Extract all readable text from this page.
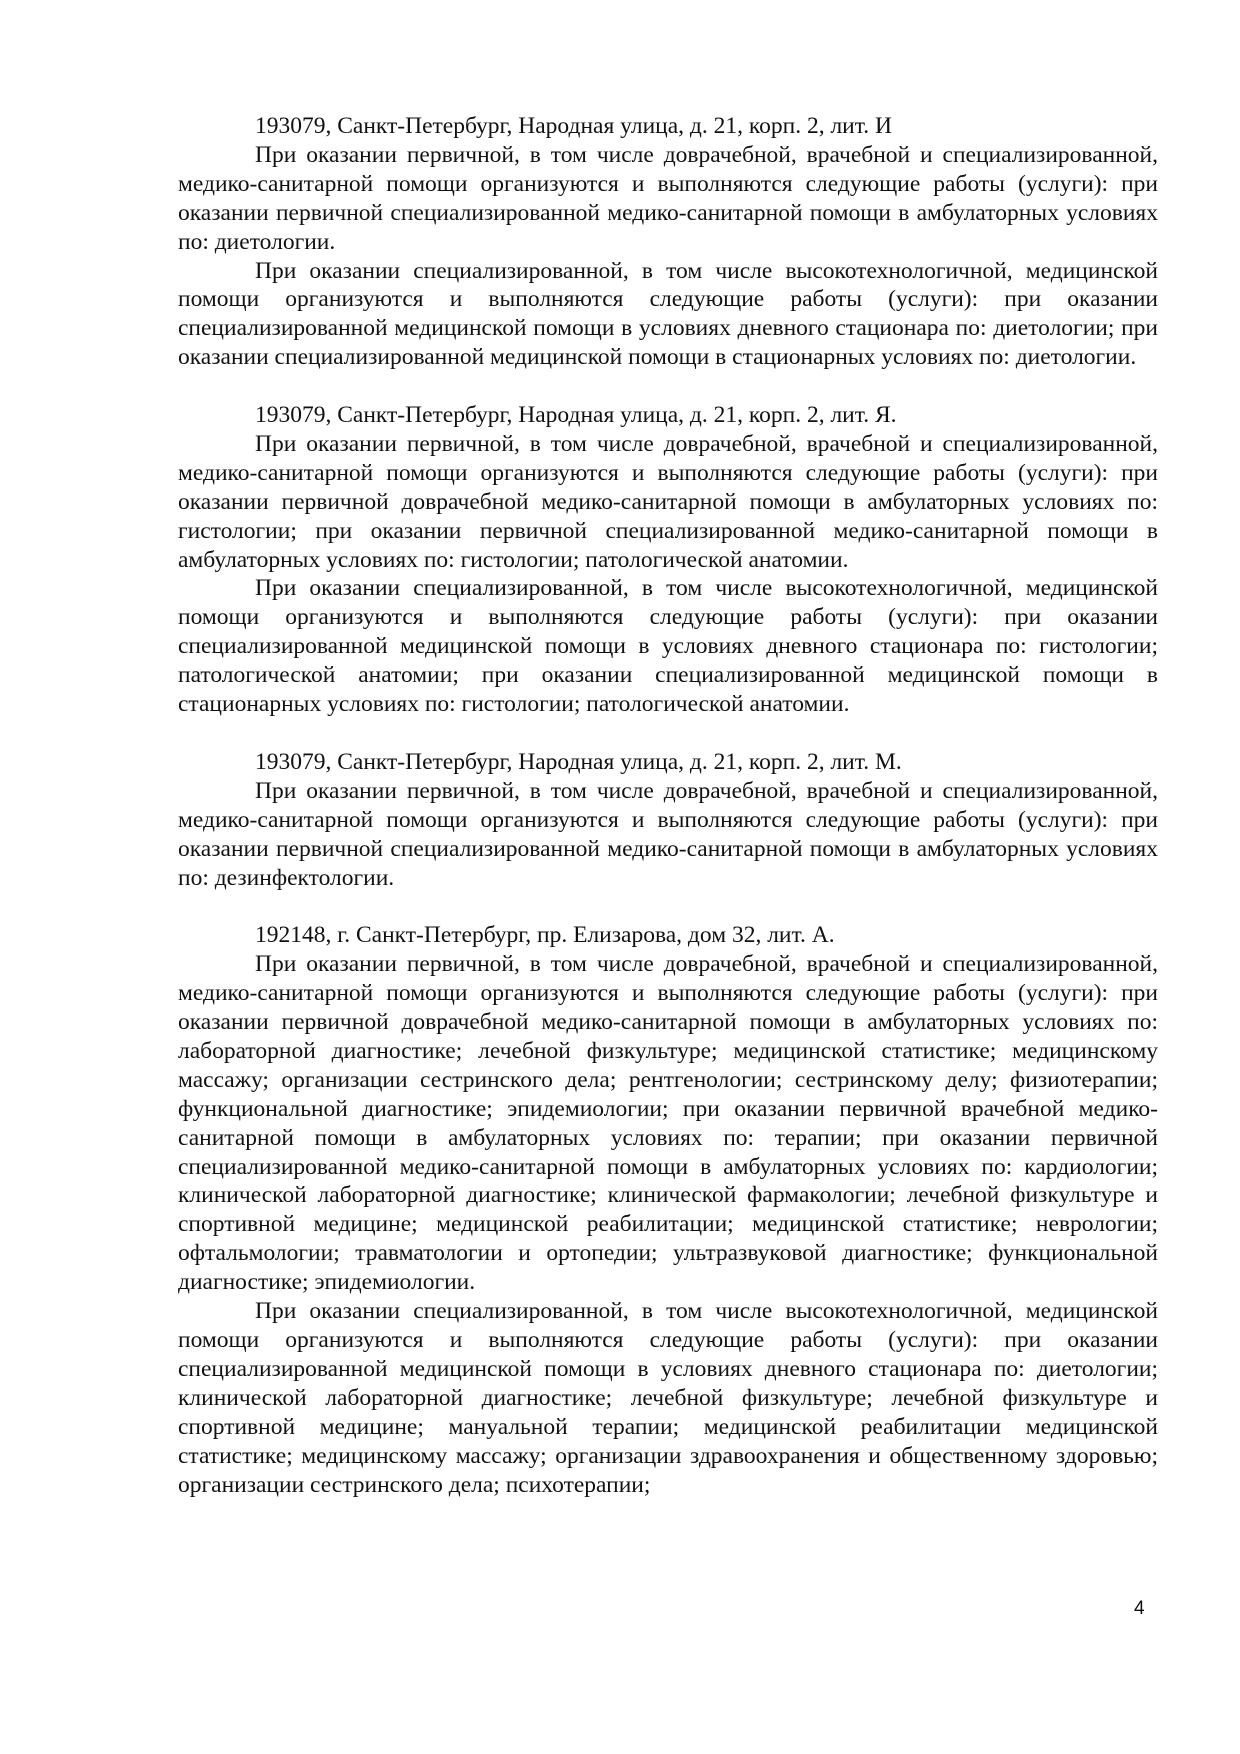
193079, Санкт-Петербург, Народная улица, д. 21, корп. 2, лит. И

При оказании первичной, в том числе доврачебной, врачебной и специализированной, медико-санитарной помощи организуются и выполняются следующие работы (услуги): при оказании первичной специализированной медико-санитарной помощи в амбулаторных условиях по: диетологии.

При оказании специализированной, в том числе высокотехнологичной, медицинской помощи организуются и выполняются следующие работы (услуги): при оказании специализированной медицинской помощи в условиях дневного стационара по: диетологии; при оказании специализированной медицинской помощи в стационарных условиях по: диетологии.

193079, Санкт-Петербург, Народная улица, д. 21, корп. 2, лит. Я.

При оказании первичной, в том числе доврачебной, врачебной и специализированной, медико-санитарной помощи организуются и выполняются следующие работы (услуги): при оказании первичной доврачебной медико-санитарной помощи в амбулаторных условиях по: гистологии; при оказании первичной специализированной медико-санитарной помощи в амбулаторных условиях по: гистологии; патологической анатомии.

При оказании специализированной, в том числе высокотехнологичной, медицинской помощи организуются и выполняются следующие работы (услуги): при оказании специализированной медицинской помощи в условиях дневного стационара по: гистологии; патологической анатомии; при оказании специализированной медицинской помощи в стационарных условиях по: гистологии; патологической анатомии.

193079, Санкт-Петербург, Народная улица, д. 21, корп. 2, лит. М.

При оказании первичной, в том числе доврачебной, врачебной и специализированной, медико-санитарной помощи организуются и выполняются следующие работы (услуги): при оказании первичной специализированной медико-санитарной помощи в амбулаторных условиях по: дезинфектологии.

192148, г. Санкт-Петербург, пр. Елизарова, дом 32, лит. А.

При оказании первичной, в том числе доврачебной, врачебной и специализированной, медико-санитарной помощи организуются и выполняются следующие работы (услуги): при оказании первичной доврачебной медико-санитарной помощи в амбулаторных условиях по: лабораторной диагностике; лечебной физкультуре; медицинской статистике; медицинскому массажу; организации сестринского дела; рентгенологии; сестринскому делу; физиотерапии; функциональной диагностике; эпидемиологии; при оказании первичной врачебной медико-санитарной помощи в амбулаторных условиях по: терапии; при оказании первичной специализированной медико-санитарной помощи в амбулаторных условиях по: кардиологии; клинической лабораторной диагностике; клинической фармакологии; лечебной физкультуре и спортивной медицине; медицинской реабилитации; медицинской статистике; неврологии; офтальмологии; травматологии и ортопедии; ультразвуковой диагностике; функциональной диагностике; эпидемиологии.

При оказании специализированной, в том числе высокотехнологичной, медицинской помощи организуются и выполняются следующие работы (услуги): при оказании специализированной медицинской помощи в условиях дневного стационара по: диетологии; клинической лабораторной диагностике; лечебной физкультуре; лечебной физкультуре и спортивной медицине; мануальной терапии; медицинской реабилитации медицинской статистике; медицинскому массажу; организации здравоохранения и общественному здоровью; организации сестринского дела; психотерапии;

4
